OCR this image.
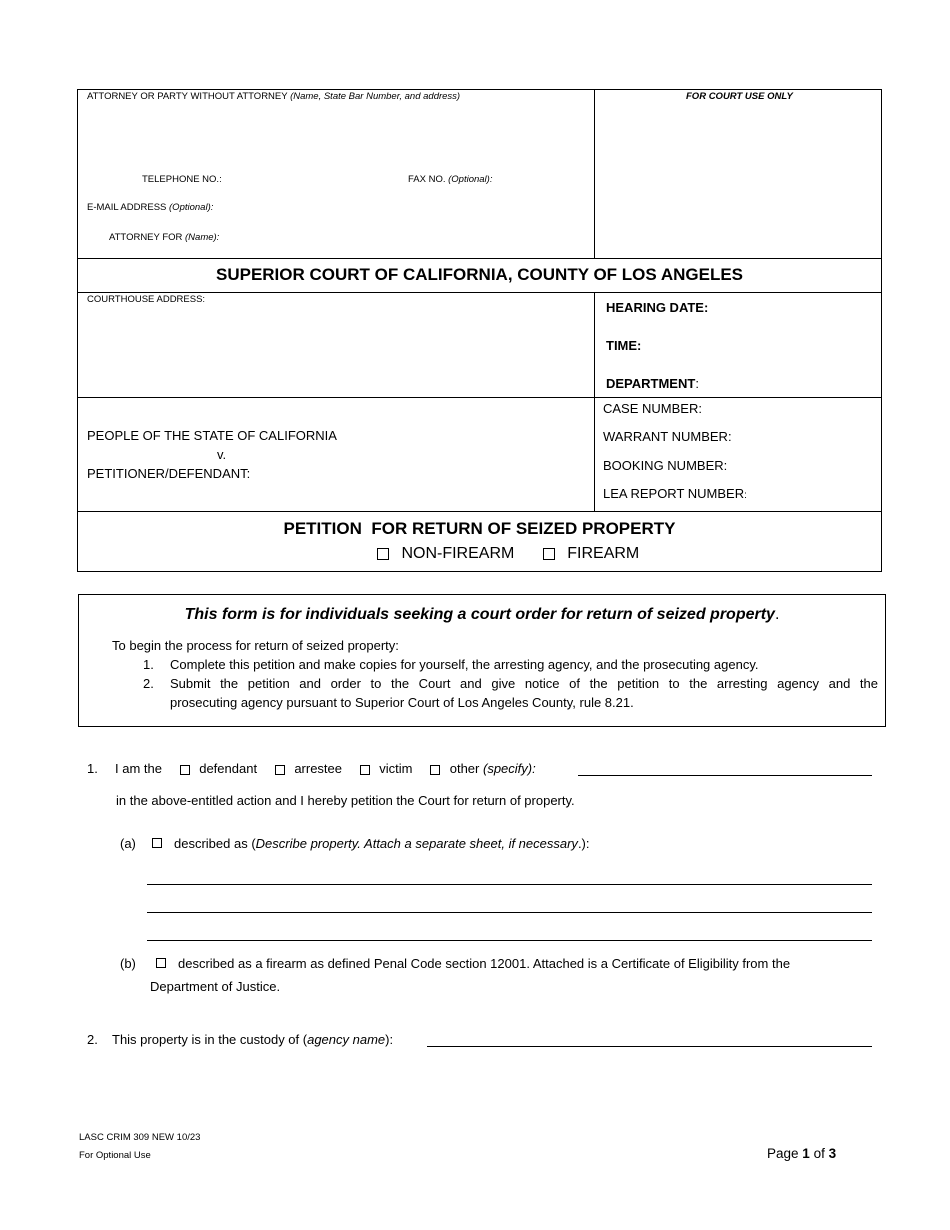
ATTORNEY OR PARTY WITHOUT ATTORNEY (Name, State Bar Number, and address)	FOR COURT USE ONLY
TELEPHONE NO.:	FAX NO. (Optional):
E-MAIL ADDRESS (Optional):
ATTORNEY FOR (Name):
SUPERIOR COURT OF CALIFORNIA, COUNTY OF LOS ANGELES
COURTHOUSE ADDRESS:
HEARING DATE:
TIME:
DEPARTMENT:
PEOPLE OF THE STATE OF CALIFORNIA
v.
PETITIONER/DEFENDANT:
CASE NUMBER:
WARRANT NUMBER:
BOOKING NUMBER:
LEA REPORT NUMBER:
PETITION  FOR RETURN OF SEIZED PROPERTY
NON-FIREARM	FIREARM
This form is for individuals seeking a court order for return of seized property.
To begin the process for return of seized property:
1. Complete this petition and make copies for yourself, the arresting agency, and the prosecuting agency.
2. Submit the petition and order to the Court and give notice of the petition to the arresting agency and the
prosecuting agency pursuant to Superior Court of Los Angeles County, rule 8.21.
1. I am the	defendant	arrestee	victim	other (specify):
in the above-entitled action and I hereby petition the Court for return of property.
(a)	described as (Describe property. Attach a separate sheet, if necessary.):
(b)	described as a firearm as defined Penal Code section 12001. Attached is a Certificate of Eligibility from the
Department of Justice.
2. This property is in the custody of (agency name):
LASC CRIM 309 NEW 10/23
For Optional Use	Page 1 of 3
